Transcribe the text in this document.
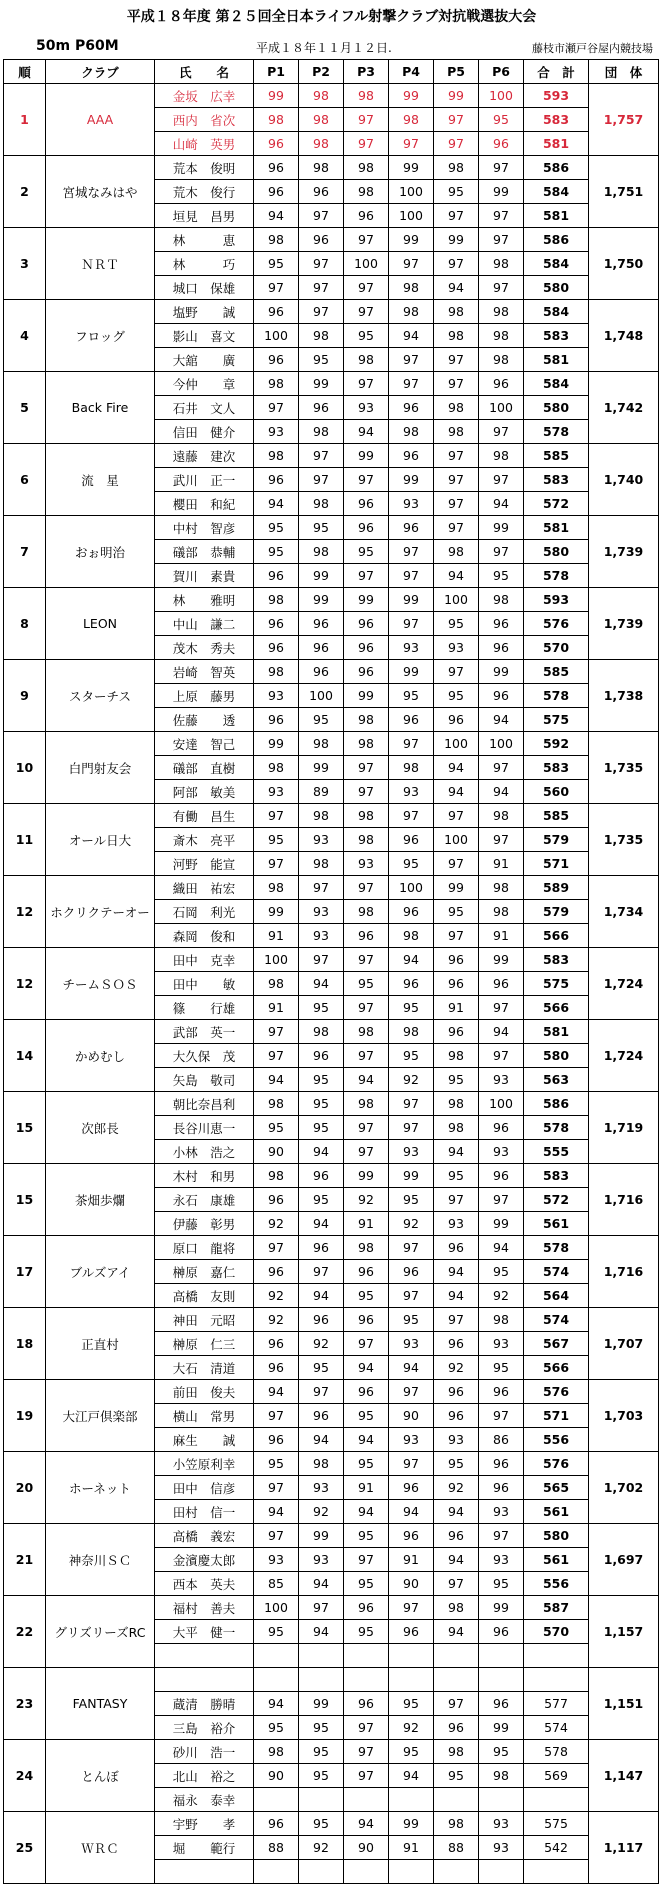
平成１８年度 第２５回全日本ライフル射撃クラブ対抗戦選抜大会
50m P60M	平成１８年１１月１２日.	藤枝市瀬戸谷屋内競技場
順	クラブ	氏　　名	P1	P2	P3	P4	P5	P6	合　計	団　体
1	AAA	金坂　広幸	99	98	98	99	99	100	593	1,757
		西内　省次	98	98	97	98	97	95	583	
		山崎　英男	96	98	97	97	97	96	581	
2	宮城なみはや	荒本　俊明	96	98	98	99	98	97	586	1,751
		荒木　俊行	96	96	98	100	95	99	584	
		垣見　昌男	94	97	96	100	97	97	581	
3	ＮＲＴ	林　　　恵	98	96	97	99	99	97	586	1,750
		林　　　巧	95	97	100	97	97	98	584	
		城口　保雄	97	97	97	98	94	97	580	
4	フロッグ	塩野　　誠	96	97	97	98	98	98	584	1,748
		影山　喜文	100	98	95	94	98	98	583	
		大舘　　廣	96	95	98	97	97	98	581	
5	Back Fire	今仲　　章	98	99	97	97	97	96	584	1,742
		石井　文人	97	96	93	96	98	100	580	
		信田　健介	93	98	94	98	98	97	578	
6	流　星	遠藤　建次	98	97	99	96	97	98	585	1,740
		武川　正一	96	97	97	99	97	97	583	
		櫻田　和紀	94	98	96	93	97	94	572	
7	おぉ明治	中村　智彦	95	95	96	96	97	99	581	1,739
		礒部　恭輔	95	98	95	97	98	97	580	
		賀川　素貴	96	99	97	97	94	95	578	
8	LEON	林　　雅明	98	99	99	99	100	98	593	1,739
		中山　謙二	96	96	96	97	95	96	576	
		茂木　秀夫	96	96	96	93	93	96	570	
9	スターチス	岩崎　智英	98	96	96	99	97	99	585	1,738
		上原　藤男	93	100	99	95	95	96	578	
		佐藤　　透	96	95	98	96	96	94	575	
10	白門射友会	安達　智己	99	98	98	97	100	100	592	1,735
		礒部　直樹	98	99	97	98	94	97	583	
		阿部　敏美	93	89	97	93	94	94	560	
11	オール日大	有働　昌生	97	98	98	97	97	98	585	1,735
		斎木　亮平	95	93	98	96	100	97	579	
		河野　能宣	97	98	93	95	97	91	571	
12	ホクリクテーオー	織田　祐宏	98	97	97	100	99	98	589	1,734
		石岡　利光	99	93	98	96	95	98	579	
		森岡　俊和	91	93	96	98	97	91	566	
12	チームＳＯＳ	田中　克幸	100	97	97	94	96	99	583	1,724
		田中　　敏	98	94	95	96	96	96	575	
		篠　　行雄	91	95	97	95	91	97	566	
14	かめむし	武部　英一	97	98	98	98	96	94	581	1,724
		大久保　茂	97	96	97	95	98	97	580	
		矢島　敬司	94	95	94	92	95	93	563	
15	次郎長	朝比奈昌利	98	95	98	97	98	100	586	1,719
		長谷川恵一	95	95	97	97	98	96	578	
		小林　浩之	90	94	97	93	94	93	555	
15	茶畑歩爛	木村　和男	98	96	99	99	95	96	583	1,716
		永石　康雄	96	95	92	95	97	97	572	
		伊藤　彰男	92	94	91	92	93	99	561	
17	ブルズアイ	原口　龍将	97	96	98	97	96	94	578	1,716
		榊原　嘉仁	96	97	96	96	94	95	574	
		高橋　友則	92	94	95	97	94	92	564	
18	正直村	神田　元昭	92	96	96	95	97	98	574	1,707
		榊原　仁三	96	92	97	93	96	93	567	
		大石　清道	96	95	94	94	92	95	566	
19	大江戸倶楽部	前田　俊夫	94	97	96	97	96	96	576	1,703
		横山　常男	97	96	95	90	96	97	571	
		麻生　　誠	96	94	94	93	93	86	556	
20	ホーネット	小笠原利幸	95	98	95	97	95	96	576	1,702
		田中　信彦	97	93	91	96	92	96	565	
		田村　信一	94	92	94	94	94	93	561	
21	神奈川ＳＣ	高橋　義宏	97	99	95	96	96	97	580	1,697
		金濱慶太郎	93	93	97	91	94	93	561	
		西本　英夫	85	94	95	90	97	95	556	
22	グリズリーズRC	福村　善夫	100	97	96	97	98	99	587	1,157
		大平　健一	95	94	95	96	94	96	570	

23	FANTASY									1,151
		蔵清　勝晴	94	99	96	95	97	96	577	
		三島　裕介	95	95	97	92	96	99	574	
24	とんぼ	砂川　浩一	98	95	97	95	98	95	578	1,147
		北山　裕之	90	95	97	94	95	98	569	
		福永　泰幸								
25	ＷＲＣ	宇野　　孝	96	95	94	99	98	93	575	1,117
		堀　　範行	88	92	90	91	88	93	542	
